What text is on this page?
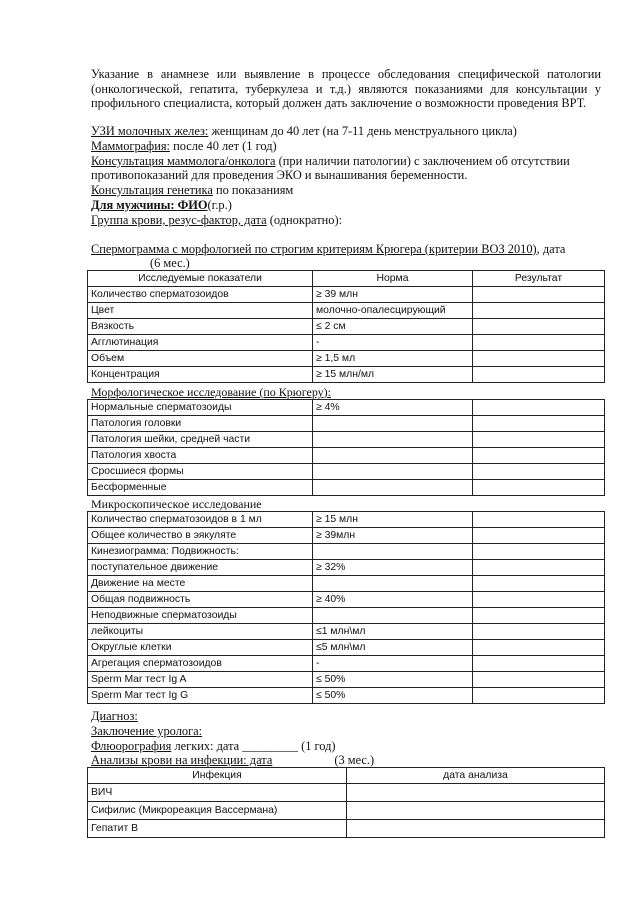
Указание в анамнезе или выявление в процессе обследования специфической патологии (онкологической, гепатита, туберкулеза и т.д.) являются показаниями для консультации у профильного специалиста, который должен дать заключение о возможности проведения ВРТ.
УЗИ молочных желез: женщинам до 40 лет (на 7-11 день менструального цикла)
Маммография: после 40 лет (1 год)
Консультация маммолога/онколога (при наличии патологии) с заключением об отсутствии
противопоказаний для проведения ЭКО и вынашивания беременности.
Консультация генетика по показаниям
Для мужчины: ФИО(г.р.)
Группа крови, резус-фактор, дата (однократно):
Спермограмма с морфологией по строгим критериям Крюгера (критерии ВОЗ 2010), дата
(6 мес.)
Исследуемые показатели	Норма	Результат
Количество сперматозоидов	≥ 39 млн	
Цвет	молочно-опалесцирующий	
Вязкость	≤ 2 см	
Агглютинация	-	
Объем	≥ 1,5 мл	
Концентрация	≥ 15 млн/мл	
Морфологическое исследование (по Крюгеру):
Нормальные сперматозоиды	≥ 4%	
Патология головки		
Патология шейки, средней части		
Патология хвоста		
Сросшиеся формы		
Бесформенные		
Микроскопическое исследование
Количество сперматозоидов в 1 мл	≥ 15 млн	
Общее количество в эякуляте	≥ 39млн	
Кинезиограмма: Подвижность:		
поступательное движение	≥ 32%	
Движение на месте		
Общая подвижность	≥ 40%	
Неподвижные сперматозоиды		
лейкоциты	≤1 млн\мл	
Округлые клетки	≤5 млн\мл	
Агрегация сперматозоидов	-	
Sperm Mar тест Ig A	≤ 50%	
Sperm Mar тест Ig G	≤ 50%	
Диагноз:
Заключение уролога:
Флюорография легких: дата _________ (1 год)
Анализы крови на инфекции: дата	(3 мес.)
Инфекция	дата анализа
ВИЧ	
Сифилис (Микрореакция Вассермана)	
Гепатит В	
